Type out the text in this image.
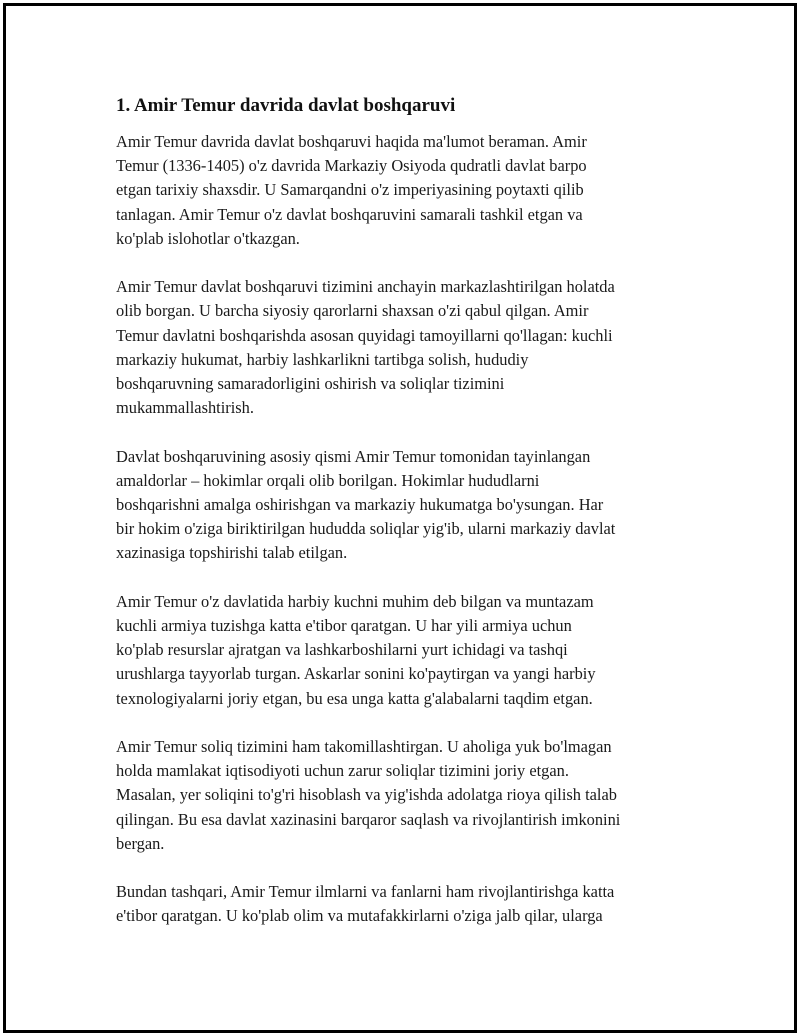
1. Amir Temur davrida davlat boshqaruvi

Amir Temur davrida davlat boshqaruvi haqida ma'lumot beraman. Amir
Temur (1336-1405) o'z davrida Markaziy Osiyoda qudratli davlat barpo
etgan tarixiy shaxsdir. U Samarqandni o'z imperiyasining poytaxti qilib
tanlagan. Amir Temur o'z davlat boshqaruvini samarali tashkil etgan va
ko'plab islohotlar o'tkazgan.

Amir Temur davlat boshqaruvi tizimini anchayin markazlashtirilgan holatda
olib borgan. U barcha siyosiy qarorlarni shaxsan o'zi qabul qilgan. Amir
Temur davlatni boshqarishda asosan quyidagi tamoyillarni qo'llagan: kuchli
markaziy hukumat, harbiy lashkarlikni tartibga solish, hududiy
boshqaruvning samaradorligini oshirish va soliqlar tizimini
mukammallashtirish.

Davlat boshqaruvining asosiy qismi Amir Temur tomonidan tayinlangan
amaldorlar – hokimlar orqali olib borilgan. Hokimlar hududlarni
boshqarishni amalga oshirishgan va markaziy hukumatga bo'ysungan. Har
bir hokim o'ziga biriktirilgan hududda soliqlar yig'ib, ularni markaziy davlat
xazinasiga topshirishi talab etilgan.

Amir Temur o'z davlatida harbiy kuchni muhim deb bilgan va muntazam
kuchli armiya tuzishga katta e'tibor qaratgan. U har yili armiya uchun
ko'plab resurslar ajratgan va lashkarboshilarni yurt ichidagi va tashqi
urushlarga tayyorlab turgan. Askarlar sonini ko'paytirgan va yangi harbiy
texnologiyalarni joriy etgan, bu esa unga katta g'alabalarni taqdim etgan.

Amir Temur soliq tizimini ham takomillashtirgan. U aholiga yuk bo'lmagan
holda mamlakat iqtisodiyoti uchun zarur soliqlar tizimini joriy etgan.
Masalan, yer soliqini to'g'ri hisoblash va yig'ishda adolatga rioya qilish talab
qilingan. Bu esa davlat xazinasini barqaror saqlash va rivojlantirish imkonini
bergan.

Bundan tashqari, Amir Temur ilmlarni va fanlarni ham rivojlantirishga katta
e'tibor qaratgan. U ko'plab olim va mutafakkirlarni o'ziga jalb qilar, ularga
